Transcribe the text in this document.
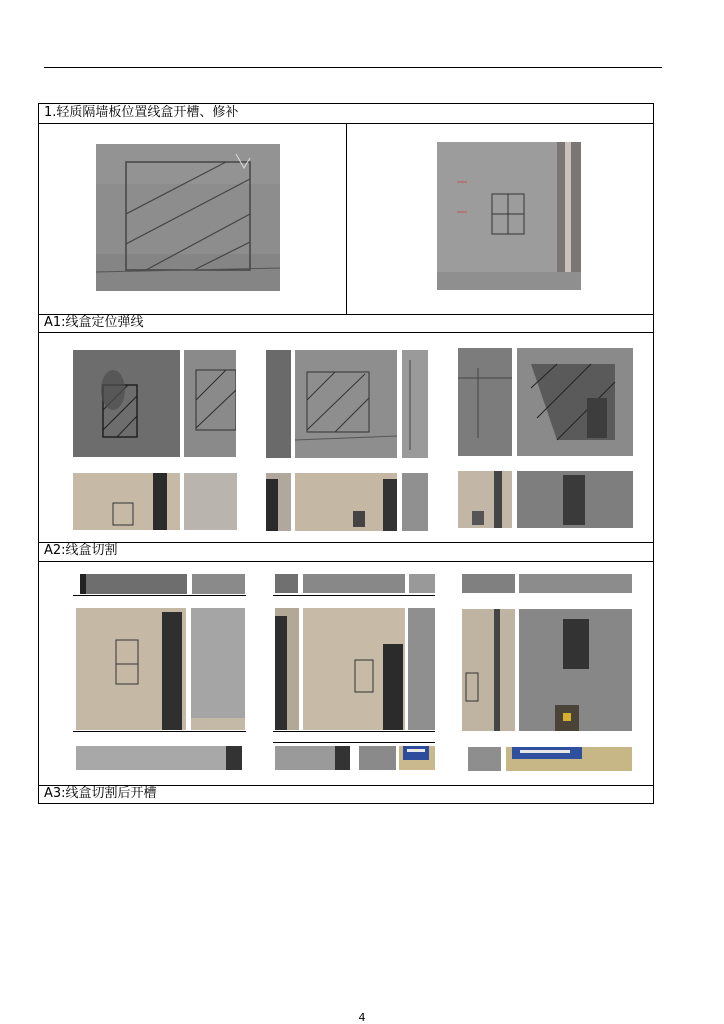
1.轻质隔墙板位置线盒开槽、修补
A1:线盒定位弹线
A2:线盒切割
A3:线盒切割后开槽
4
